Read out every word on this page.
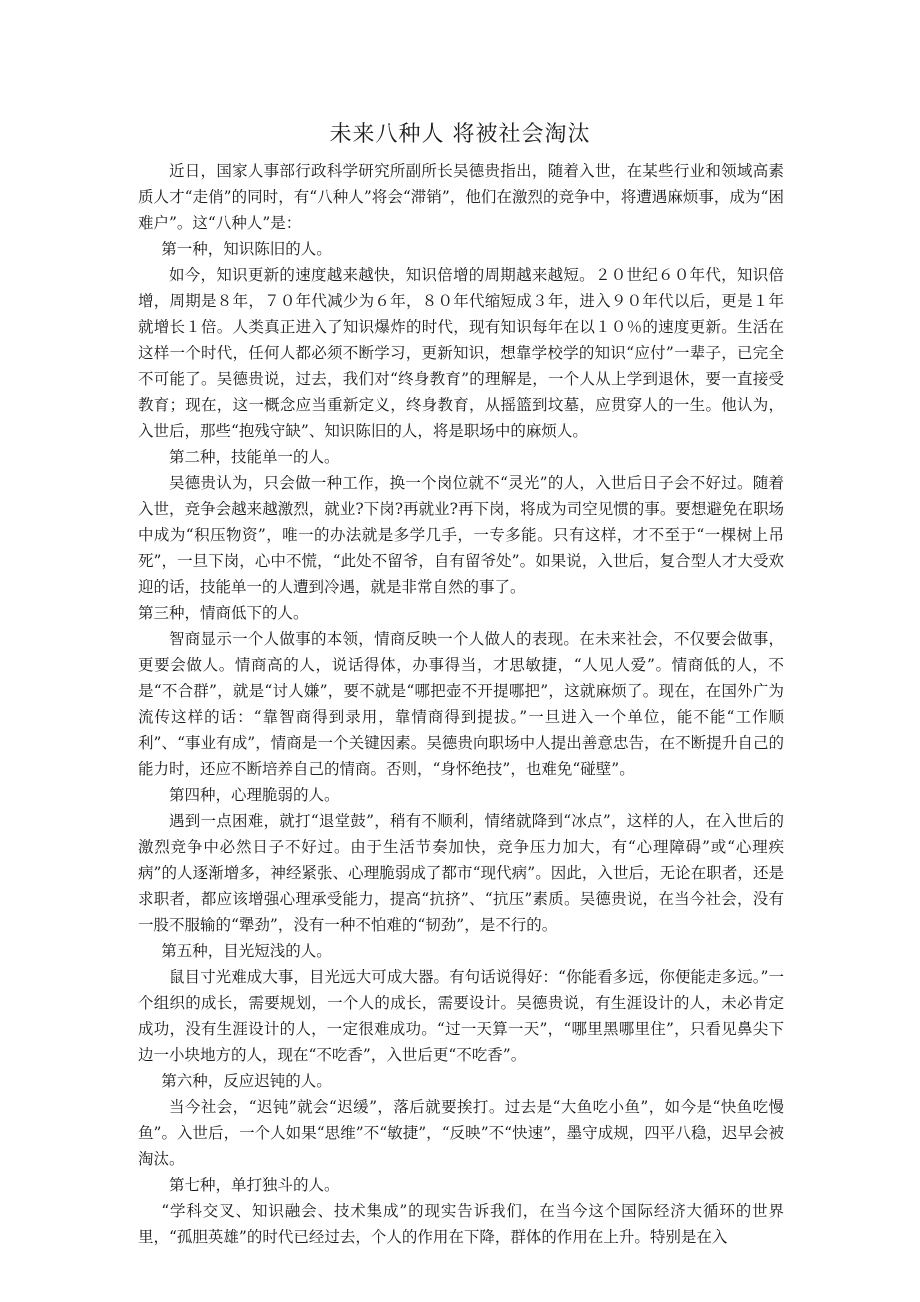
未来八种人 将被社会淘汰

近日，国家人事部行政科学研究所副所长吴德贵指出，随着入世，在某些行业和领域高素质人才“走俏”的同时，有“八种人”将会“滞销”，他们在激烈的竞争中，将遭遇麻烦事，成为“困难户”。这“八种人”是：

第一种，知识陈旧的人。

如今，知识更新的速度越来越快，知识倍增的周期越来越短。２０世纪６０年代，知识倍增，周期是８年，７０年代减少为６年，８０年代缩短成３年，进入９０年代以后，更是１年就增长１倍。人类真正进入了知识爆炸的时代，现有知识每年在以１０％的速度更新。生活在这样一个时代，任何人都必须不断学习，更新知识，想靠学校学的知识“应付”一辈子，已完全不可能了。吴德贵说，过去，我们对“终身教育”的理解是，一个人从上学到退休，要一直接受教育；现在，这一概念应当重新定义，终身教育，从摇篮到坟墓，应贯穿人的一生。他认为，入世后，那些“抱残守缺”、知识陈旧的人，将是职场中的麻烦人。

第二种，技能单一的人。

吴德贵认为，只会做一种工作，换一个岗位就不“灵光”的人，入世后日子会不好过。随着入世，竞争会越来越激烈，就业?下岗?再就业?再下岗，将成为司空见惯的事。要想避免在职场中成为“积压物资”，唯一的办法就是多学几手，一专多能。只有这样，才不至于“一棵树上吊死”，一旦下岗，心中不慌，“此处不留爷，自有留爷处”。如果说，入世后，复合型人才大受欢迎的话，技能单一的人遭到冷遇，就是非常自然的事了。

第三种，情商低下的人。

智商显示一个人做事的本领，情商反映一个人做人的表现。在未来社会，不仅要会做事，更要会做人。情商高的人，说话得体，办事得当，才思敏捷，“人见人爱”。情商低的人，不是“不合群”，就是“讨人嫌”，要不就是“哪把壶不开提哪把”，这就麻烦了。现在，在国外广为流传这样的话：“靠智商得到录用，靠情商得到提拔。”一旦进入一个单位，能不能“工作顺利”、“事业有成”，情商是一个关键因素。吴德贵向职场中人提出善意忠告，在不断提升自己的能力时，还应不断培养自己的情商。否则，“身怀绝技”，也难免“碰壁”。

第四种，心理脆弱的人。

遇到一点困难，就打“退堂鼓”，稍有不顺利，情绪就降到“冰点”，这样的人，在入世后的激烈竞争中必然日子不好过。由于生活节奏加快，竞争压力加大，有“心理障碍”或“心理疾病”的人逐渐增多，神经紧张、心理脆弱成了都市“现代病”。因此，入世后，无论在职者，还是求职者，都应该增强心理承受能力，提高“抗挤”、“抗压”素质。吴德贵说，在当今社会，没有一股不服输的“犟劲”，没有一种不怕难的“韧劲”，是不行的。

第五种，目光短浅的人。

鼠目寸光难成大事，目光远大可成大器。有句话说得好：“你能看多远，你便能走多远。”一个组织的成长，需要规划，一个人的成长，需要设计。吴德贵说，有生涯设计的人，未必肯定成功，没有生涯设计的人，一定很难成功。“过一天算一天”，“哪里黑哪里住”，只看见鼻尖下边一小块地方的人，现在“不吃香”，入世后更“不吃香”。

第六种，反应迟钝的人。

当今社会，“迟钝”就会“迟缓”，落后就要挨打。过去是“大鱼吃小鱼”，如今是“快鱼吃慢鱼”。入世后，一个人如果“思维”不“敏捷”，“反映”不“快速”，墨守成规，四平八稳，迟早会被淘汰。

第七种，单打独斗的人。

“学科交叉、知识融会、技术集成”的现实告诉我们，在当今这个国际经济大循环的世界里，“孤胆英雄”的时代已经过去，个人的作用在下降，群体的作用在上升。特别是在入
